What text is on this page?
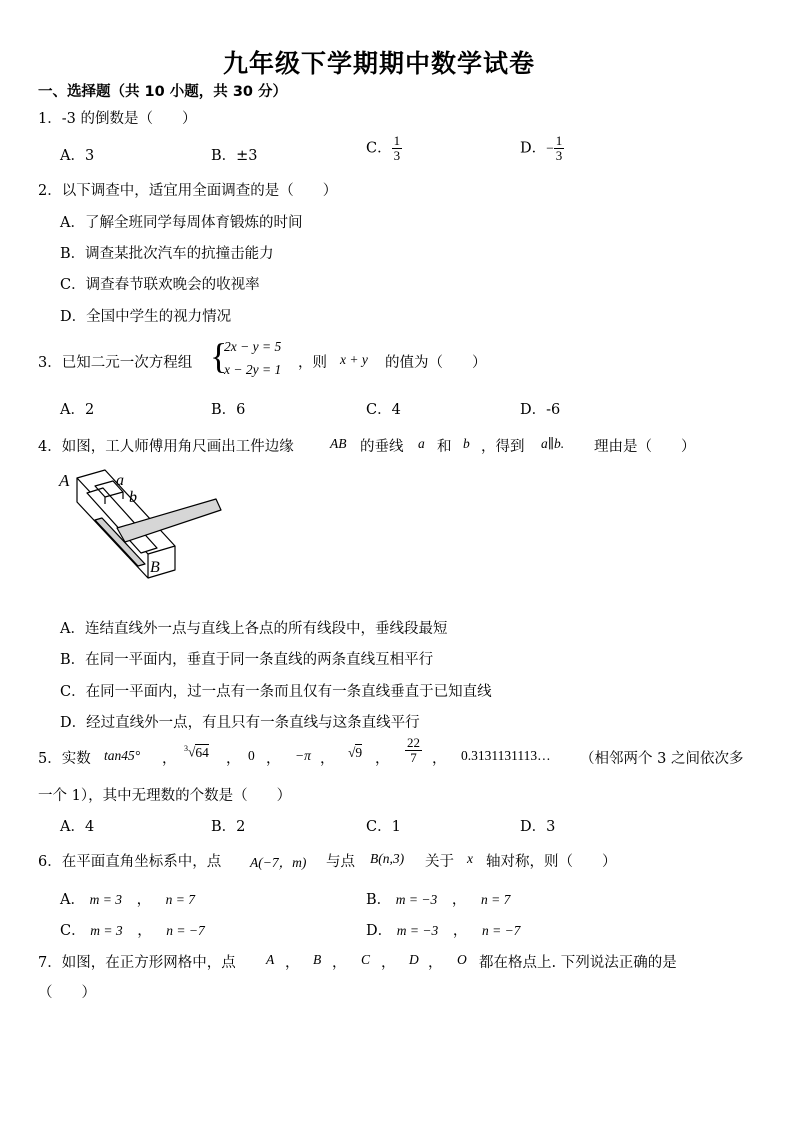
九年级下学期期中数学试卷
一、选择题（共 10 小题，共 30 分）
1．-3 的倒数是（　　）
A．3	B．±3	C． $\frac{1}{3}$	D．− $\frac{1}{3}$
2．以下调查中，适宜用全面调查的是（　　）
A．了解全班同学每周体育锻炼的时间
B．调查某批次汽车的抗撞击能力
C．调查春节联欢晚会的收视率
D．全国中学生的视力情况
3．已知二元一次方程组 {
2x − y = 5
x − 2y = 1 ，则 x + y 的值为（　　）
A．2	B．6	C．4	D．-6
4．如图，工人师傅用角尺画出工件边缘	AB 的垂线 a 和 b ，得到 a∥b. 理由是（　　）
A	a
b
B
A．连结直线外一点与直线上各点的所有线段中，垂线段最短
B．在同一平面内，垂直于同一条直线的两条直线互相平行
C．在同一平面内，过一点有一条而且仅有一条直线垂直于已知直线
D．经过直线外一点，有且只有一条直线与这条直线平行
5．实数 tan45° ，
$^3$√64 ， 0 ， −π ， √9 ， $\frac{22}{7}$ ， 0.3131131113… （相邻两个 3 之间依次多
一个 1），其中无理数的个数是（　　）
A．4	B．2	C．1	D．3
6．在平面直角坐标系中，点 A(−7，m) 与点 B(n,3) 关于 x 轴对称，则（　　）
A． m = 3 ， n = 7	B． m = −3 ， n = 7
C． m = 3 ， n = −7	D． m = −3 ， n = −7
7．如图，在正方形网格中，点 A ， B ， C ， D ， O 都在格点上. 下列说法正确的是
（　　）
